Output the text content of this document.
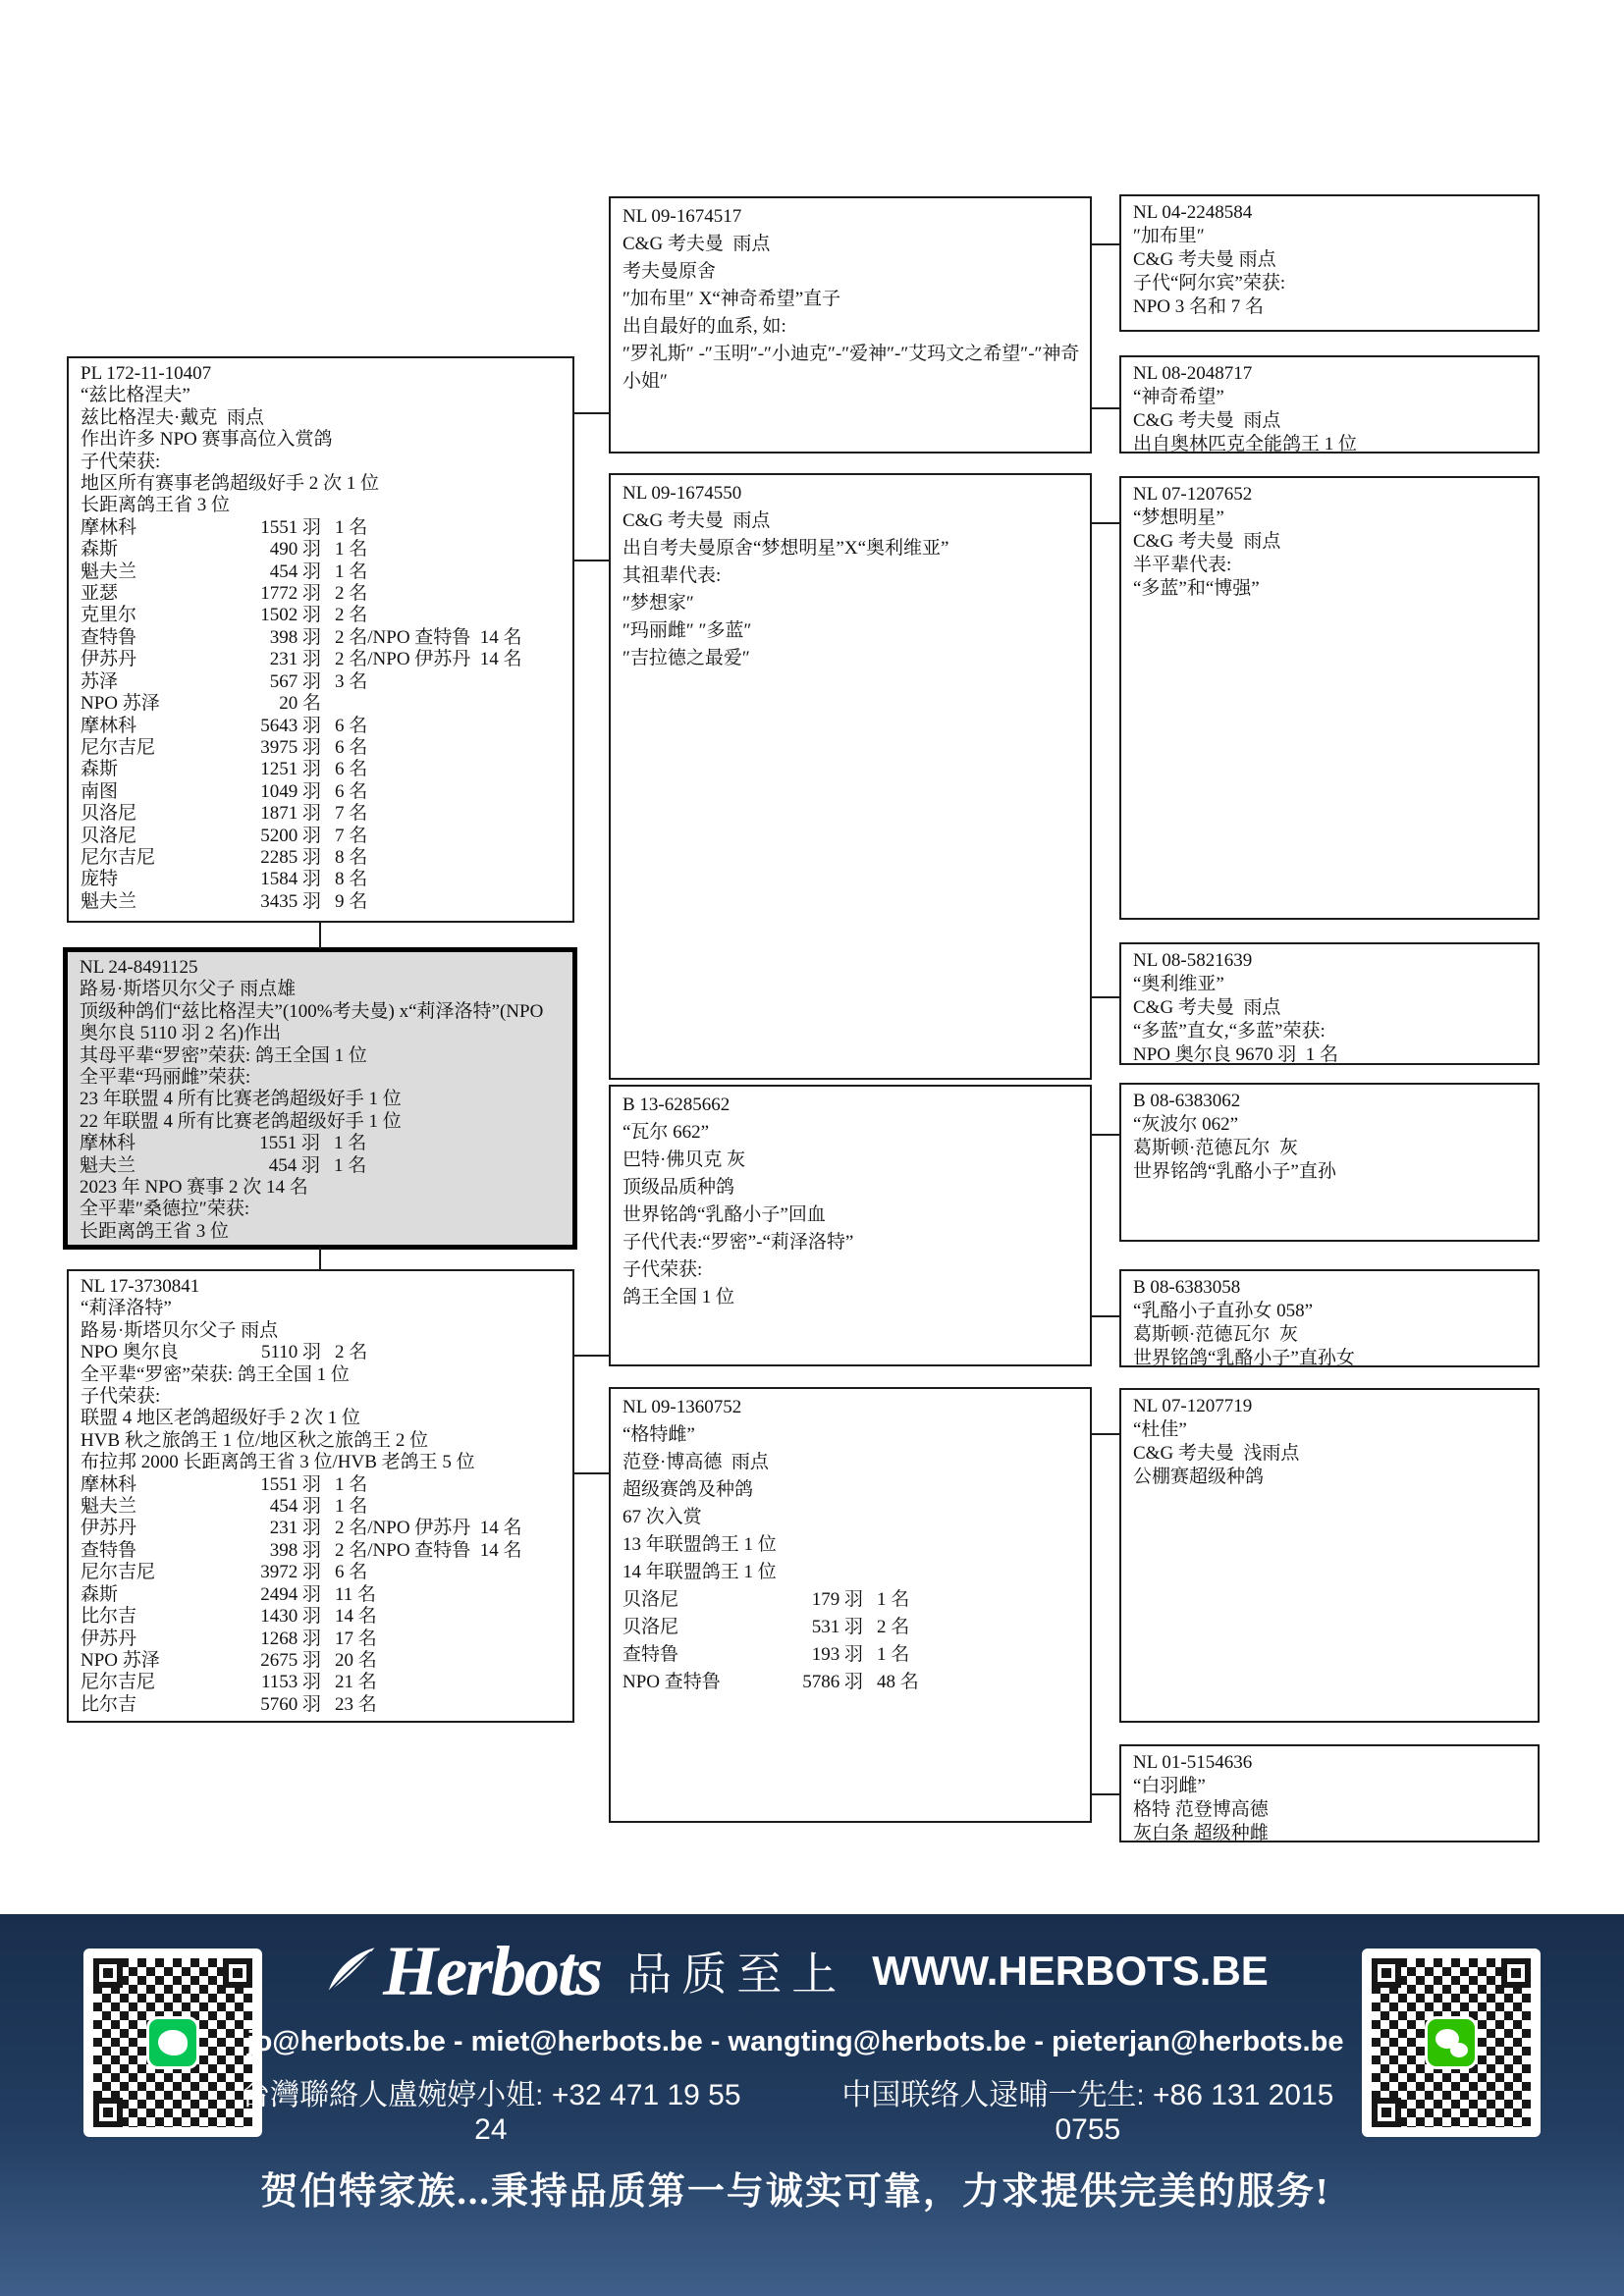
PL 172-11-10407
“兹比格涅夫”
兹比格涅夫·戴克  雨点
作出许多 NPO 赛事高位入赏鸽
子代荣获:
地区所有赛事老鸽超级好手 2 次 1 位
长距离鸽王省 3 位
摩林科	1551 羽 1 名
森斯	490 羽 1 名
魁夫兰	454 羽 1 名
亚瑟	1772 羽 2 名
克里尔	1502 羽 2 名
查特鲁	398 羽 2 名/NPO 查特鲁  14 名
伊苏丹	231 羽 2 名/NPO 伊苏丹  14 名
苏泽	567 羽 3 名
NPO 苏泽	20 名
摩林科	5643 羽 6 名
尼尔吉尼	3975 羽 6 名
森斯	1251 羽 6 名
南图	1049 羽 6 名
贝洛尼	1871 羽 7 名
贝洛尼	5200 羽 7 名
尼尔吉尼	2285 羽 8 名
庞特	1584 羽 8 名
魁夫兰	3435 羽 9 名
NL 24-8491125
路易·斯塔贝尔父子 雨点雄
顶级种鸽们“兹比格涅夫”(100%考夫曼) x“莉泽洛特”(NPO 奥尔良 5110 羽 2 名)作出
其母平辈“罗密”荣获: 鸽王全国 1 位
全平辈“玛丽雌”荣获:
23 年联盟 4 所有比赛老鸽超级好手 1 位
22 年联盟 4 所有比赛老鸽超级好手 1 位
摩林科	1551 羽 1 名
魁夫兰	454 羽 1 名
2023 年 NPO 赛事 2 次 14 名
全平辈″桑德拉″荣获:
长距离鸽王省 3 位
NL 17-3730841
“莉泽洛特”
路易·斯塔贝尔父子 雨点
NPO 奥尔良	5110 羽 2 名
全平辈“罗密”荣获: 鸽王全国 1 位
子代荣获:
联盟 4 地区老鸽超级好手 2 次 1 位
HVB 秋之旅鸽王 1 位/地区秋之旅鸽王 2 位
布拉邦 2000 长距离鸽王省 3 位/HVB 老鸽王 5 位
摩林科	1551 羽 1 名
魁夫兰	454 羽 1 名
伊苏丹	231 羽 2 名/NPO 伊苏丹  14 名
查特鲁	398 羽 2 名/NPO 查特鲁  14 名
尼尔吉尼	3972 羽 6 名
森斯	2494 羽 11 名
比尔吉	1430 羽 14 名
伊苏丹	1268 羽 17 名
NPO 苏泽	2675 羽 20 名
尼尔吉尼	1153 羽 21 名
比尔吉	5760 羽 23 名
NL 09-1674517
C&G 考夫曼  雨点
考夫曼原舍
″加布里″ X“神奇希望”直子
出自最好的血系, 如:
″罗礼斯″ -″玉明″-″小迪克″-″爱神″-″艾玛文之希望″-″神奇小姐″
NL 09-1674550
C&G 考夫曼  雨点
出自考夫曼原舍“梦想明星”X“奥利维亚”
其祖辈代表:
″梦想家″
″玛丽雌″ ″多蓝″
″吉拉德之最爱″
B 13-6285662
“瓦尔 662”
巴特·佛贝克 灰
顶级品质种鸽
世界铭鸽“乳酪小子”回血
子代代表:“罗密”-“莉泽洛特”
子代荣获:
鸽王全国 1 位
NL 09-1360752
“格特雌”
范登·博高德  雨点
超级赛鸽及种鸽
67 次入赏
13 年联盟鸽王 1 位
14 年联盟鸽王 1 位
贝洛尼	179 羽 1 名
贝洛尼	531 羽 2 名
查特鲁	193 羽 1 名
NPO 查特鲁	5786 羽 48 名
NL 04-2248584
″加布里″
C&G 考夫曼 雨点
子代“阿尔宾”荣获:
NPO 3 名和 7 名
NL 08-2048717
“神奇希望”
C&G 考夫曼  雨点
出自奥林匹克全能鸽王 1 位
NL 07-1207652
“梦想明星”
C&G 考夫曼  雨点
半平辈代表:
“多蓝”和“博强”
NL 08-5821639
“奥利维亚”
C&G 考夫曼  雨点
“多蓝”直女,“多蓝”荣获:
NPO 奥尔良 9670 羽  1 名
B 08-6383062
“灰波尔 062”
葛斯顿·范德瓦尔  灰
世界铭鸽“乳酪小子”直孙
B 08-6383058
“乳酪小子直孙女 058”
葛斯顿·范德瓦尔  灰
世界铭鸽“乳酪小子”直孙女
NL 07-1207719
“杜佳”
C&G 考夫曼  浅雨点
公棚赛超级种鸽
NL 01-5154636
“白羽雌”
格特 范登博高德
灰白条 超级种雌
Herbots 品质至上 WWW.HERBOTS.BE
jo@herbots.be - miet@herbots.be - wangting@herbots.be - pieterjan@herbots.be
台灣聯絡人盧婉婷小姐: +32 471 19 55 24
中国联络人逯晡一先生: +86 131 2015 0755
贺伯特家族...秉持品质第一与诚实可靠，力求提供完美的服务!
